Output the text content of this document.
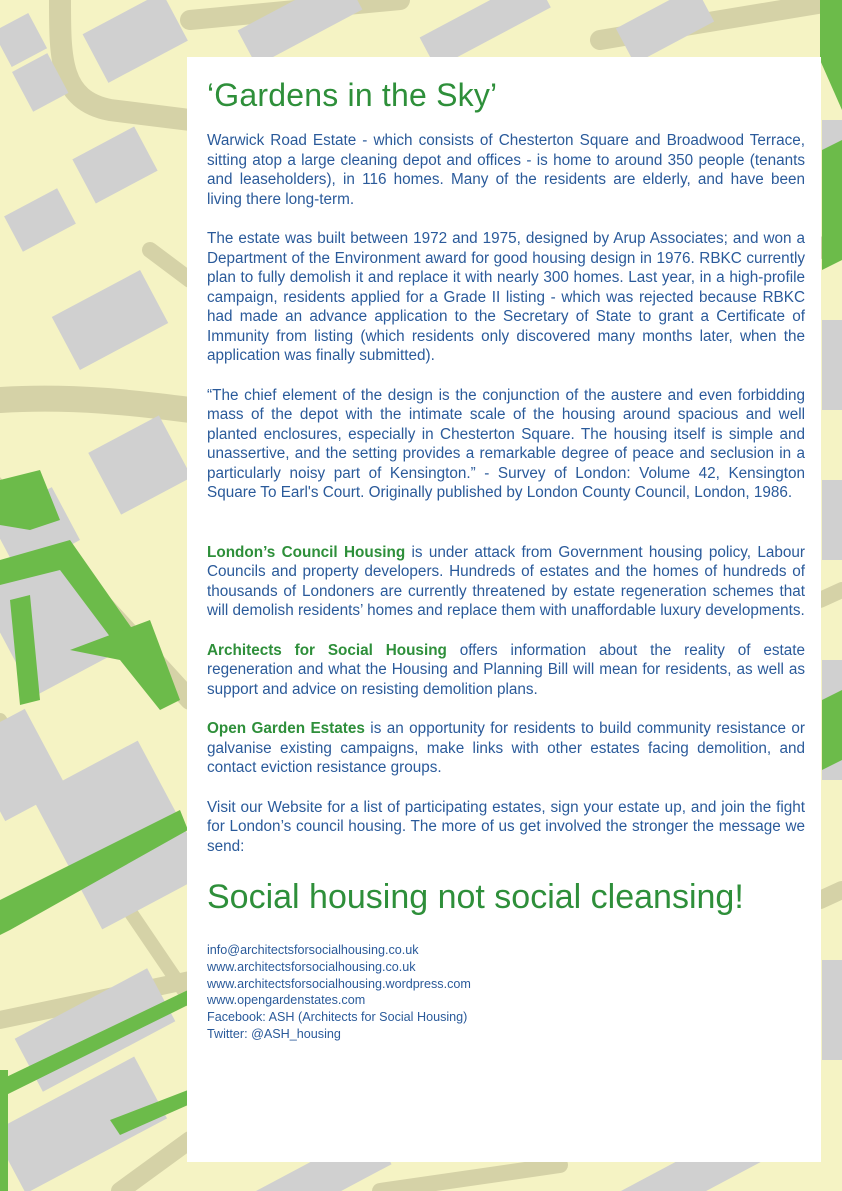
‘Gardens in the Sky’

Warwick Road Estate - which consists of Chesterton Square and Broadwood Terrace, sitting atop a large cleaning depot and offices - is home to around 350 people (tenants and leaseholders), in 116 homes. Many of the residents are elderly, and have been living there long-term.

The estate was built between 1972 and 1975, designed by Arup Associates; and won a Department of the Environment award for good housing design in 1976. RBKC currently plan to fully demolish it and replace it with nearly 300 homes. Last year, in a high-profile campaign, residents applied for a Grade II listing - which was rejected because RBKC had made an advance application to the Secretary of State to grant a Certificate of Immunity from listing (which residents only discovered many months later, when the application was finally submitted).

“The chief element of the design is the conjunction of the austere and even forbidding mass of the depot with the intimate scale of the housing around spacious and well planted enclosures, especially in Chesterton Square. The housing itself is simple and unassertive, and the setting provides a remarkable degree of peace and seclusion in a particularly noisy part of Kensington.” - Survey of London: Volume 42, Kensington Square To Earl's Court. Originally published by London County Council, London, 1986.

London’s Council Housing is under attack from Government housing policy, Labour Councils and property developers. Hundreds of estates and the homes of hundreds of thousands of Londoners are currently threatened by estate regeneration schemes that will demolish residents’ homes and replace them with unaffordable luxury developments.

Architects for Social Housing offers information about the reality of estate regeneration and what the Housing and Planning Bill will mean for residents, as well as support and advice on resisting demolition plans.

Open Garden Estates is an opportunity for residents to build community resistance or galvanise existing campaigns, make links with other estates facing demolition, and contact eviction resistance groups.

Visit our Website for a list of participating estates, sign your estate up, and join the fight for London’s council housing. The more of us get involved the stronger the message we send:

Social housing not social cleansing!
info@architectsforsocialhousing.co.uk
www.architectsforsocialhousing.co.uk
www.architectsforsocialhousing.wordpress.com
www.opengardenstates.com
Facebook: ASH (Architects for Social Housing)
Twitter: @ASH_housing
